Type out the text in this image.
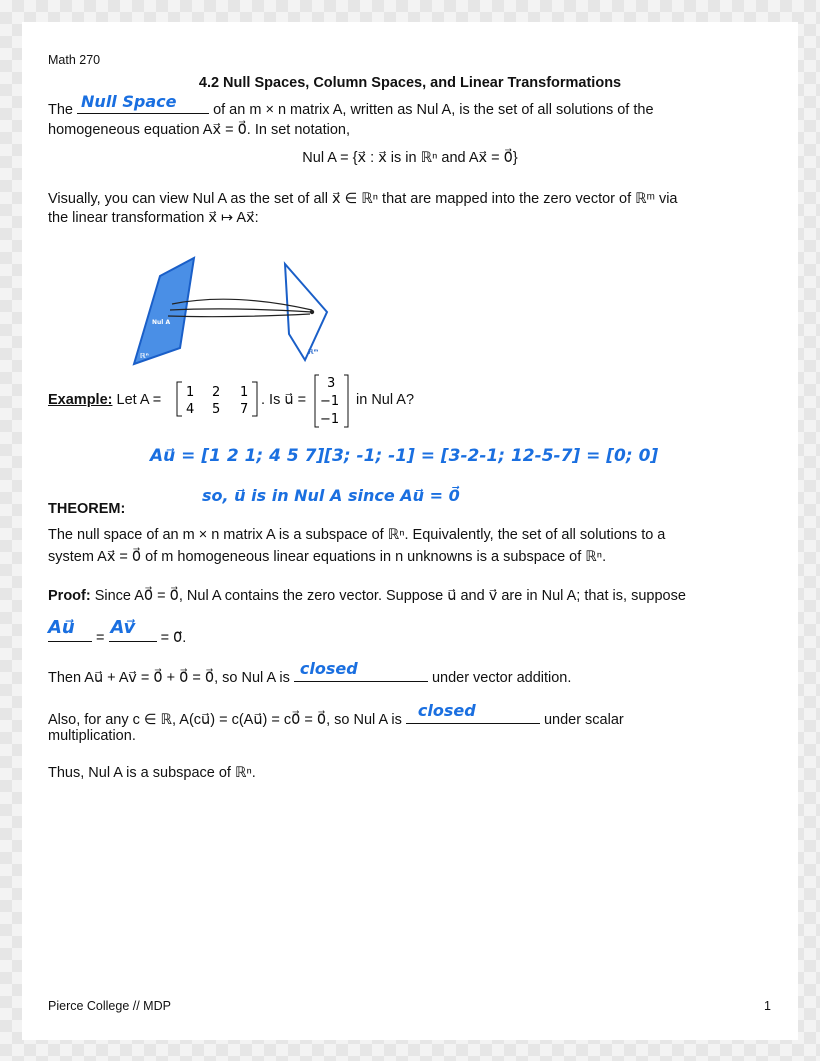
Math 270
4.2 Null Spaces, Column Spaces, and Linear Transformations
The Null Space	of an m × n matrix A, written as Nul A, is the set of all solutions of the
homogeneous equation Ax⃗ = 0⃗. In set notation,
Nul A = {x⃗ : x⃗ is in ℝⁿ and Ax⃗ = 0⃗}
Visually, you can view Nul A as the set of all x⃗ ∈ ℝⁿ that are mapped into the zero vector of ℝᵐ via
the linear transformation x⃗ ↦ Ax⃗:
Nul A
ℝⁿ	ℝᵐ
Example: Let A = 1 2 1
4 5 7
. Is u⃗ =
3
−1
−1
in Nul A?
Au⃗ = [1 2 1; 4 5 7][3; -1; -1] = [3-2-1; 12-5-7] = [0; 0]
so, u⃗ is in Nul A since Au⃗ = 0⃗
THEOREM:
The null space of an m × n matrix A is a subspace of ℝⁿ. Equivalently, the set of all solutions to a
system Ax⃗ = 0⃗ of m homogeneous linear equations in n unknowns is a subspace of ℝⁿ.
Proof: Since A0⃗ = 0⃗, Nul A contains the zero vector. Suppose u⃗ and v⃗ are in Nul A; that is, suppose
Au⃗ = Av⃗ = 0⃗.
Then Au⃗ + Av⃗ = 0⃗ + 0⃗ = 0⃗, so Nul A is closed	under vector addition.
Also, for any c ∈ ℝ, A(cu⃗) = c(Au⃗) = c0⃗ = 0⃗, so Nul A is closed	under scalar
multiplication.
Thus, Nul A is a subspace of ℝⁿ.
Pierce College // MDP	1
